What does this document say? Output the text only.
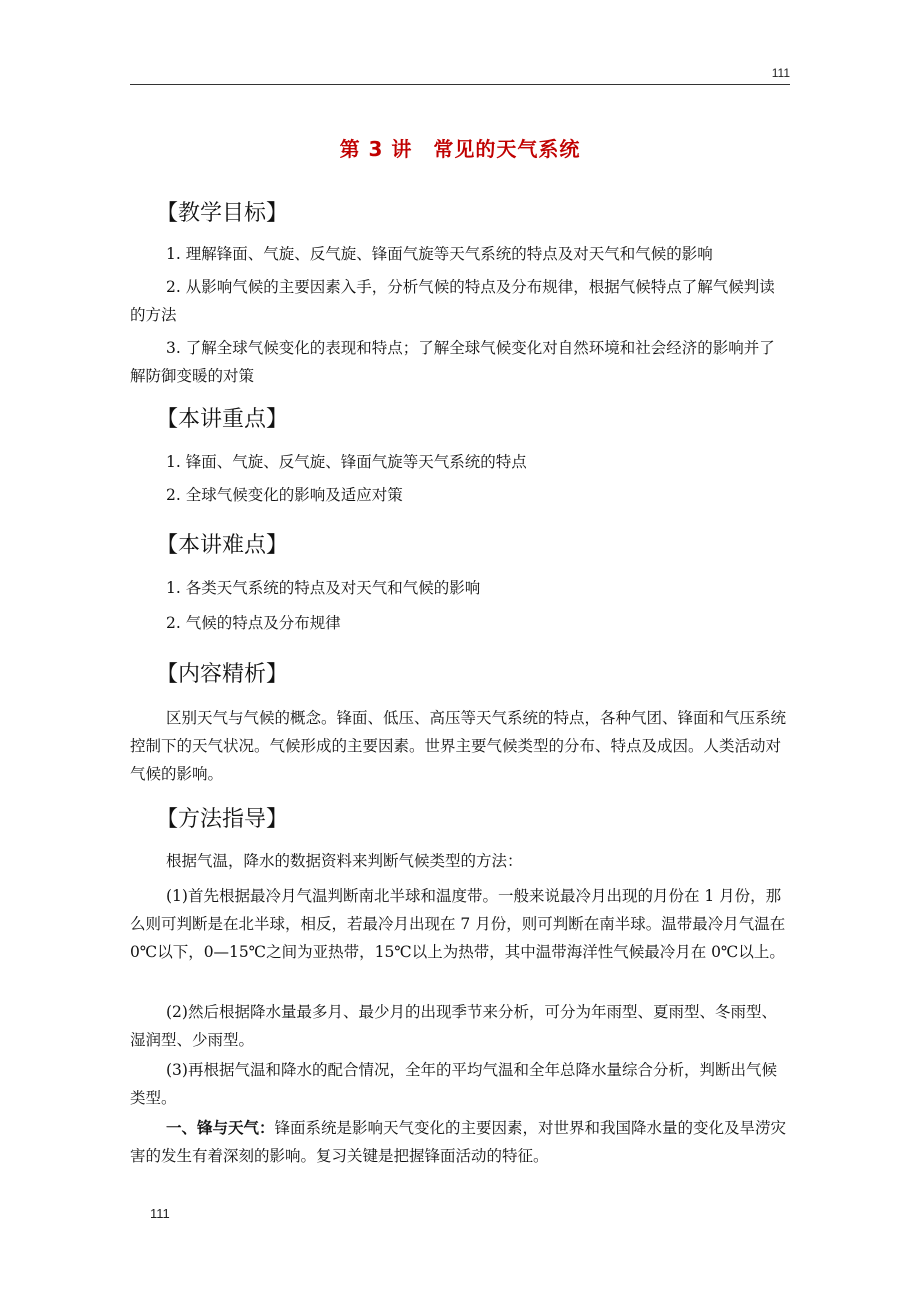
111
第 3 讲　常见的天气系统
【教学目标】
1. 理解锋面、气旋、反气旋、锋面气旋等天气系统的特点及对天气和气候的影响
2. 从影响气候的主要因素入手，分析气候的特点及分布规律，根据气候特点了解气候判读的方法
3. 了解全球气候变化的表现和特点；了解全球气候变化对自然环境和社会经济的影响并了解防御变暖的对策
【本讲重点】
1. 锋面、气旋、反气旋、锋面气旋等天气系统的特点
2. 全球气候变化的影响及适应对策
【本讲难点】
1. 各类天气系统的特点及对天气和气候的影响
2. 气候的特点及分布规律
【内容精析】
区别天气与气候的概念。锋面、低压、高压等天气系统的特点，各种气团、锋面和气压系统控制下的天气状况。气候形成的主要因素。世界主要气候类型的分布、特点及成因。人类活动对气候的影响。
【方法指导】
根据气温，降水的数据资料来判断气候类型的方法：
(1)首先根据最冷月气温判断南北半球和温度带。一般来说最冷月出现的月份在 1 月份，那么则可判断是在北半球，相反，若最冷月出现在 7 月份，则可判断在南半球。温带最冷月气温在 0℃以下，0—15℃之间为亚热带，15℃以上为热带，其中温带海洋性气候最冷月在 0℃以上。
(2)然后根据降水量最多月、最少月的出现季节来分析，可分为年雨型、夏雨型、冬雨型、湿润型、少雨型。
(3)再根据气温和降水的配合情况，全年的平均气温和全年总降水量综合分析，判断出气候类型。
一、锋与天气：锋面系统是影响天气变化的主要因素，对世界和我国降水量的变化及旱涝灾害的发生有着深刻的影响。复习关键是把握锋面活动的特征。
111
